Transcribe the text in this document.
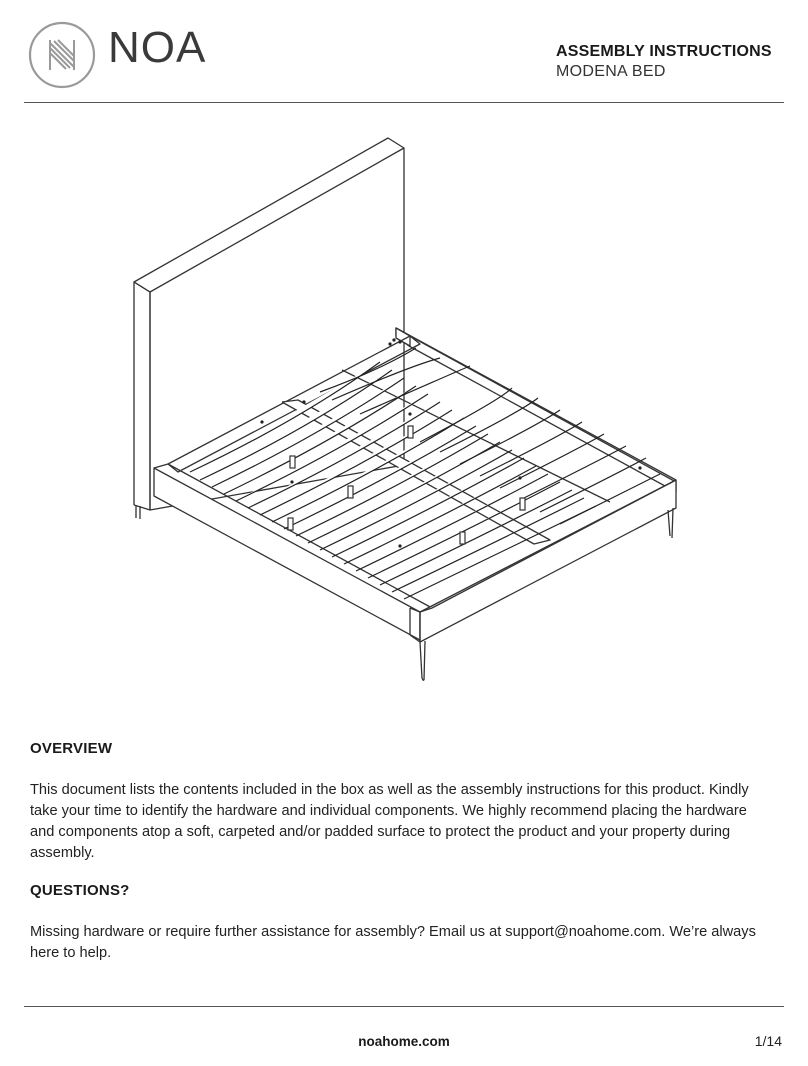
NOA	ASSEMBLY INSTRUCTIONS
MODENA BED
OVERVIEW
This document lists the contents included in the box as well as the assembly instructions for this product. Kindly take your time to identify the hardware and individual components. We highly recommend placing the hardware and components atop a soft, carpeted and/or padded surface to protect the product and your property during assembly.
QUESTIONS?
Missing hardware or require further assistance for assembly? Email us at support@noahome.com. We’re always here to help.
noahome.com	1/14
